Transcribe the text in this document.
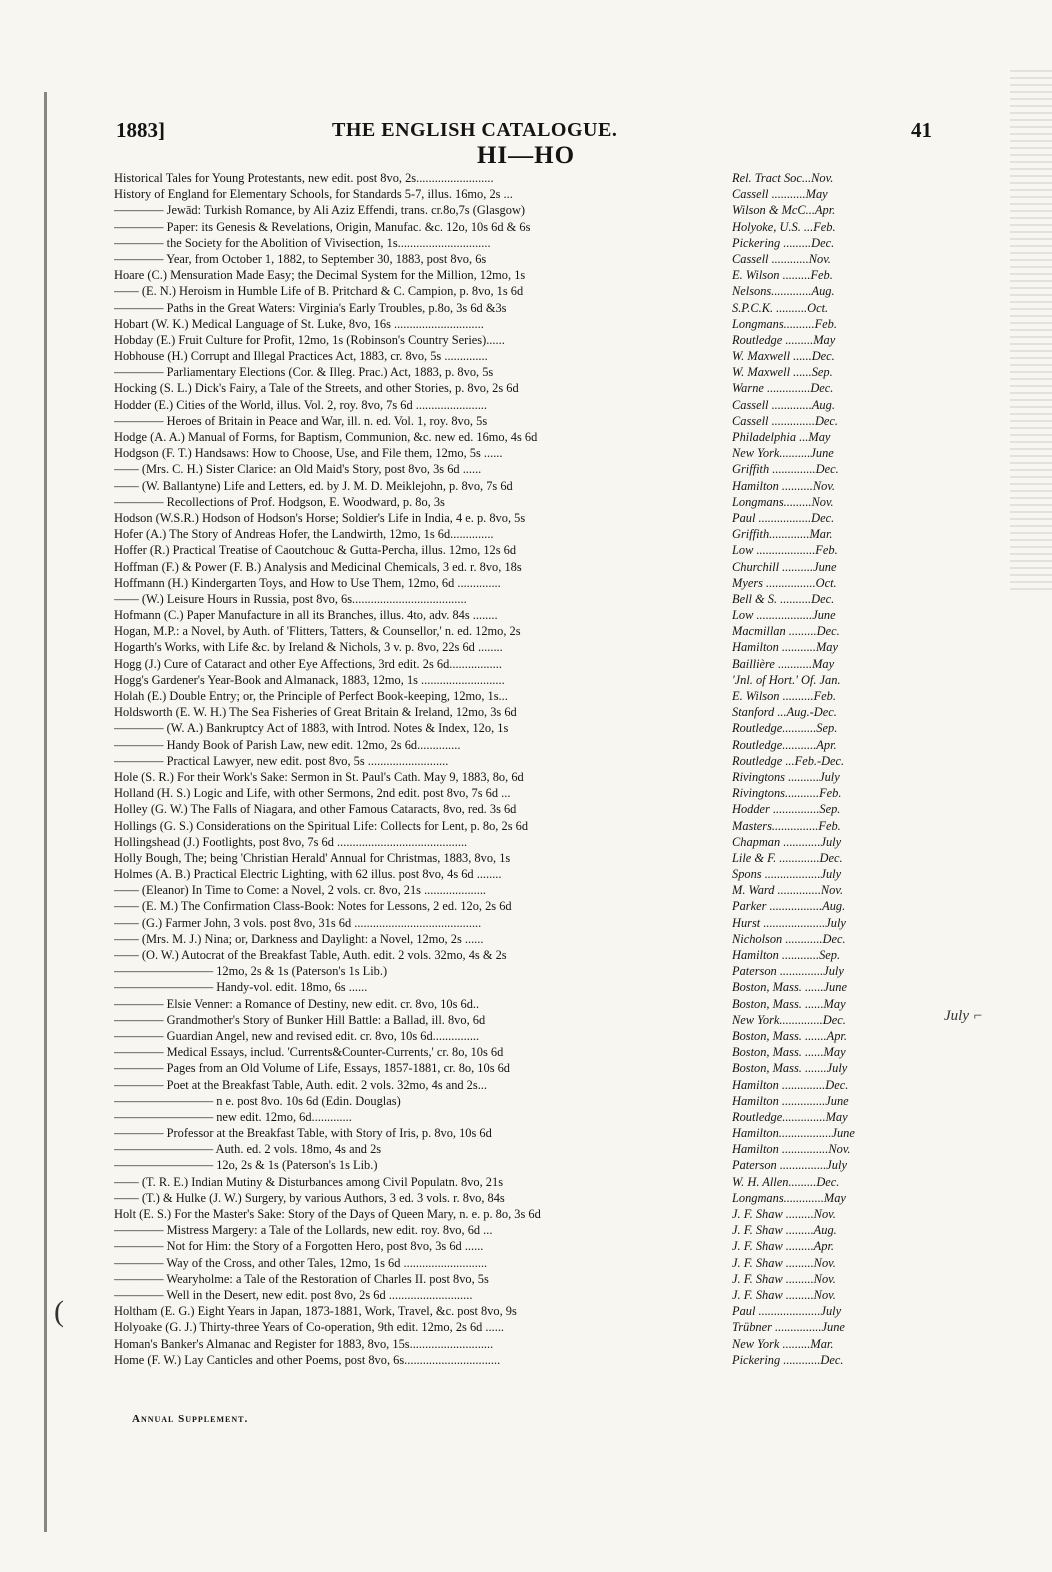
1883]	THE ENGLISH CATALOGUE.	41
HI—HO
Historical Tales for Young Protestants, new edit. post 8vo, 2s.........................	Rel. Tract Soc...Nov.
History of England for Elementary Schools, for Standards 5-7, illus. 16mo, 2s ...	Cassell ...........May
———— Jewād: Turkish Romance, by Ali Aziz Effendi, trans. cr.8o,7s (Glasgow)	Wilson & McC...Apr.
———— Paper: its Genesis & Revelations, Origin, Manufac. &c. 12o, 10s 6d & 6s	Holyoke, U.S. ...Feb.
———— the Society for the Abolition of Vivisection, 1s..............................	Pickering .........Dec.
———— Year, from October 1, 1882, to September 30, 1883, post 8vo, 6s	Cassell ............Nov.
Hoare (C.) Mensuration Made Easy; the Decimal System for the Million, 12mo, 1s	E. Wilson .........Feb.
—— (E. N.) Heroism in Humble Life of B. Pritchard & C. Campion, p. 8vo, 1s 6d	Nelsons.............Aug.
———— Paths in the Great Waters: Virginia's Early Troubles, p.8o, 3s 6d &3s	S.P.C.K. ..........Oct.
Hobart (W. K.) Medical Language of St. Luke, 8vo, 16s .............................	Longmans..........Feb.
Hobday (E.) Fruit Culture for Profit, 12mo, 1s (Robinson's Country Series)......	Routledge .........May
Hobhouse (H.) Corrupt and Illegal Practices Act, 1883, cr. 8vo, 5s ..............	W. Maxwell ......Dec.
———— Parliamentary Elections (Cor. & Illeg. Prac.) Act, 1883, p. 8vo, 5s	W. Maxwell ......Sep.
Hocking (S. L.) Dick's Fairy, a Tale of the Streets, and other Stories, p. 8vo, 2s 6d	Warne ..............Dec.
Hodder (E.) Cities of the World, illus. Vol. 2, roy. 8vo, 7s 6d .......................	Cassell .............Aug.
———— Heroes of Britain in Peace and War, ill. n. ed. Vol. 1, roy. 8vo, 5s	Cassell ..............Dec.
Hodge (A. A.) Manual of Forms, for Baptism, Communion, &c. new ed. 16mo, 4s 6d	Philadelphia ...May
Hodgson (F. T.) Handsaws: How to Choose, Use, and File them, 12mo, 5s ......	New York..........June
—— (Mrs. C. H.) Sister Clarice: an Old Maid's Story, post 8vo, 3s 6d ......	Griffith ..............Dec.
—— (W. Ballantyne) Life and Letters, ed. by J. M. D. Meiklejohn, p. 8vo, 7s 6d	Hamilton ..........Nov.
———— Recollections of Prof. Hodgson, E. Woodward, p. 8o, 3s	Longmans.........Nov.
Hodson (W.S.R.) Hodson of Hodson's Horse; Soldier's Life in India, 4 e. p. 8vo, 5s	Paul .................Dec.
Hofer (A.) The Story of Andreas Hofer, the Landwirth, 12mo, 1s 6d..............	Griffith.............Mar.
Hoffer (R.) Practical Treatise of Caoutchouc & Gutta-Percha, illus. 12mo, 12s 6d	Low ...................Feb.
Hoffman (F.) & Power (F. B.) Analysis and Medicinal Chemicals, 3 ed. r. 8vo, 18s	Churchill ..........June
Hoffmann (H.) Kindergarten Toys, and How to Use Them, 12mo, 6d ..............	Myers ................Oct.
—— (W.) Leisure Hours in Russia, post 8vo, 6s.....................................	Bell & S. ..........Dec.
Hofmann (C.) Paper Manufacture in all its Branches, illus. 4to, adv. 84s ........	Low ..................June
Hogan, M.P.: a Novel, by Auth. of 'Flitters, Tatters, & Counsellor,' n. ed. 12mo, 2s	Macmillan .........Dec.
Hogarth's Works, with Life &c. by Ireland & Nichols, 3 v. p. 8vo, 22s 6d ........	Hamilton ...........May
Hogg (J.) Cure of Cataract and other Eye Affections, 3rd edit. 2s 6d.................	Baillière ...........May
Hogg's Gardener's Year-Book and Almanack, 1883, 12mo, 1s ...........................	'Jnl. of Hort.' Of. Jan.
Holah (E.) Double Entry; or, the Principle of Perfect Book-keeping, 12mo, 1s...	E. Wilson ..........Feb.
Holdsworth (E. W. H.) The Sea Fisheries of Great Britain & Ireland, 12mo, 3s 6d	Stanford ...Aug.-Dec.
———— (W. A.) Bankruptcy Act of 1883, with Introd. Notes & Index, 12o, 1s	Routledge...........Sep.
———— Handy Book of Parish Law, new edit. 12mo, 2s 6d..............	Routledge...........Apr.
———— Practical Lawyer, new edit. post 8vo, 5s ..........................	Routledge ...Feb.-Dec.
Hole (S. R.) For their Work's Sake: Sermon in St. Paul's Cath. May 9, 1883, 8o, 6d	Rivingtons ..........July
Holland (H. S.) Logic and Life, with other Sermons, 2nd edit. post 8vo, 7s 6d ...	Rivingtons...........Feb.
Holley (G. W.) The Falls of Niagara, and other Famous Cataracts, 8vo, red. 3s 6d	Hodder ...............Sep.
Hollings (G. S.) Considerations on the Spiritual Life: Collects for Lent, p. 8o, 2s 6d	Masters...............Feb.
Hollingshead (J.) Footlights, post 8vo, 7s 6d ..........................................	Chapman ............July
Holly Bough, The; being 'Christian Herald' Annual for Christmas, 1883, 8vo, 1s	Lile & F. .............Dec.
Holmes (A. B.) Practical Electric Lighting, with 62 illus. post 8vo, 4s 6d ........	Spons ..................July
—— (Eleanor) In Time to Come: a Novel, 2 vols. cr. 8vo, 21s ....................	M. Ward ..............Nov.
—— (E. M.) The Confirmation Class-Book: Notes for Lessons, 2 ed. 12o, 2s 6d	Parker .................Aug.
—— (G.) Farmer John, 3 vols. post 8vo, 31s 6d .........................................	Hurst ....................July
—— (Mrs. M. J.) Nina; or, Darkness and Daylight: a Novel, 12mo, 2s ......	Nicholson ............Dec.
—— (O. W.) Autocrat of the Breakfast Table, Auth. edit. 2 vols. 32mo, 4s & 2s	Hamilton ............Sep.
———————— 12mo, 2s & 1s (Paterson's 1s Lib.)	Paterson ..............July
———————— Handy-vol. edit. 18mo, 6s ......	Boston, Mass. ......June
———— Elsie Venner: a Romance of Destiny, new edit. cr. 8vo, 10s 6d..	Boston, Mass. ......May
———— Grandmother's Story of Bunker Hill Battle: a Ballad, ill. 8vo, 6d	New York..............Dec.
———— Guardian Angel, new and revised edit. cr. 8vo, 10s 6d...............	Boston, Mass. .......Apr.
———— Medical Essays, includ. 'Currents&Counter-Currents,' cr. 8o, 10s 6d	Boston, Mass. ......May
———— Pages from an Old Volume of Life, Essays, 1857-1881, cr. 8o, 10s 6d	Boston, Mass. .......July
———— Poet at the Breakfast Table, Auth. edit. 2 vols. 32mo, 4s and 2s...	Hamilton ..............Dec.
———————— n e. post 8vo. 10s 6d (Edin. Douglas)	Hamilton ..............June
———————— new edit. 12mo, 6d.............	Routledge..............May
———— Professor at the Breakfast Table, with Story of Iris, p. 8vo, 10s 6d	Hamilton.................June
———————— Auth. ed. 2 vols. 18mo, 4s and 2s	Hamilton ...............Nov.
———————— 12o, 2s & 1s (Paterson's 1s Lib.)	Paterson ...............July
—— (T. R. E.) Indian Mutiny & Disturbances among Civil Populatn. 8vo, 21s	W. H. Allen.........Dec.
—— (T.) & Hulke (J. W.) Surgery, by various Authors, 3 ed. 3 vols. r. 8vo, 84s	Longmans.............May
Holt (E. S.) For the Master's Sake: Story of the Days of Queen Mary, n. e. p. 8o, 3s 6d	J. F. Shaw .........Nov.
———— Mistress Margery: a Tale of the Lollards, new edit. roy. 8vo, 6d ...	J. F. Shaw .........Aug.
———— Not for Him: the Story of a Forgotten Hero, post 8vo, 3s 6d ......	J. F. Shaw .........Apr.
———— Way of the Cross, and other Tales, 12mo, 1s 6d ...........................	J. F. Shaw .........Nov.
———— Wearyholme: a Tale of the Restoration of Charles II. post 8vo, 5s	J. F. Shaw .........Nov.
———— Well in the Desert, new edit. post 8vo, 2s 6d ...........................	J. F. Shaw .........Nov.
Holtham (E. G.) Eight Years in Japan, 1873-1881, Work, Travel, &c. post 8vo, 9s	Paul ....................July
Holyoake (G. J.) Thirty-three Years of Co-operation, 9th edit. 12mo, 2s 6d ......	Trübner ...............June
Homan's Banker's Almanac and Register for 1883, 8vo, 15s...........................	New York .........Mar.
Home (F. W.) Lay Canticles and other Poems, post 8vo, 6s...............................	Pickering ............Dec.
(
July ⌐
Annual Supplement.
